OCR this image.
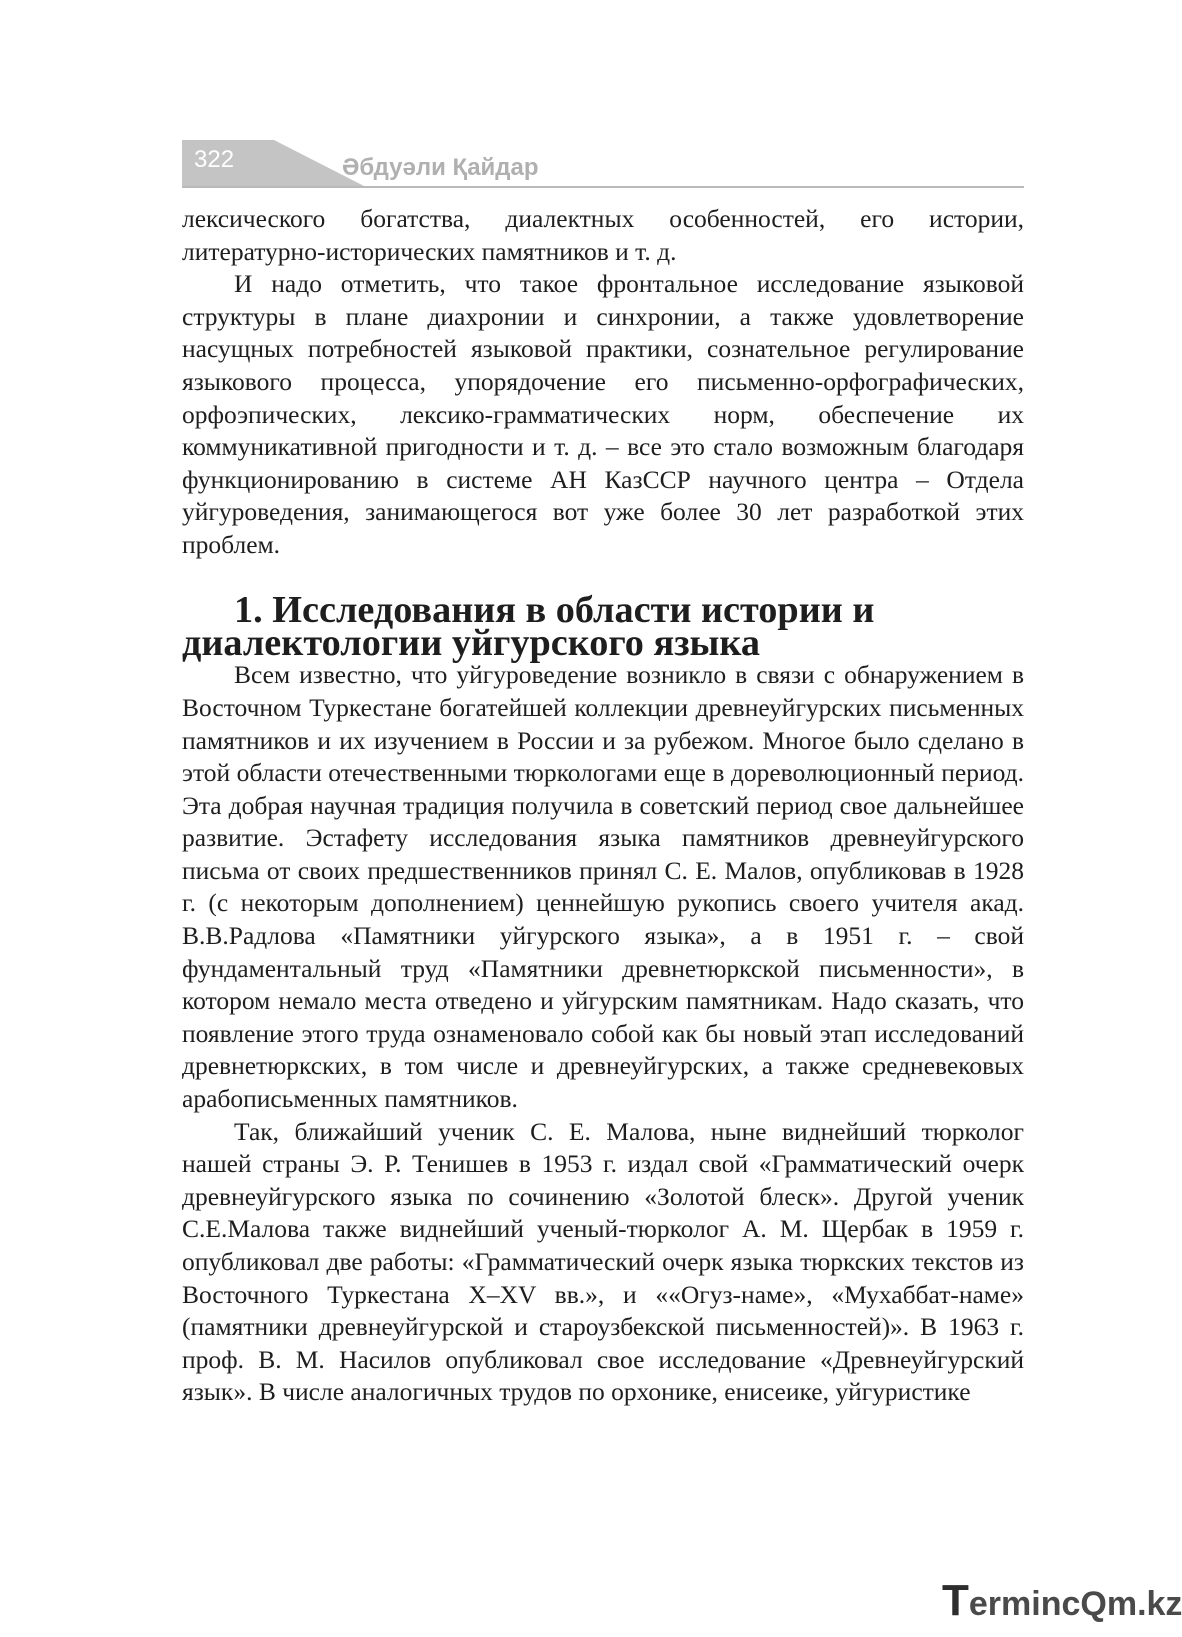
322	Әбдуәли Қайдар

лексического богатства, диалектных особенностей, его истории, литературно-исторических памятников и т. д.

И надо отметить, что такое фронтальное исследование языковой структуры в плане диахронии и синхронии, а также удовлетворение насущных потребностей языковой практики, сознательное регулирование языкового процесса, упорядочение его письменно-орфографических, орфоэпических, лексико-грамматических норм, обеспечение их коммуникативной пригодности и т. д. – все это стало возможным благодаря функционированию в системе АН КазССР научного центра – Отдела уйгуроведения, занимающегося вот уже более 30 лет разработкой этих проблем.

1. Исследования в области истории и диалектологии уйгурского языка

Всем известно, что уйгуроведение возникло в связи с обнаружением в Восточном Туркестане богатейшей коллекции древнеуйгурских письменных памятников и их изучением в России и за рубежом. Многое было сделано в этой области отечественными тюркологами еще в дореволюционный период. Эта добрая научная традиция получила в советский период свое дальнейшее развитие. Эстафету исследования языка памятников древнеуйгурского письма от своих предшественников принял С. Е. Малов, опубликовав в 1928 г. (с некоторым дополнением) ценнейшую рукопись своего учителя акад. В.В.Радлова «Памятники уйгурского языка», а в 1951 г. – свой фундаментальный труд «Памятники древнетюркской письменности», в котором немало места отведено и уйгурским памятникам. Надо сказать, что появление этого труда ознаменовало собой как бы новый этап исследований древнетюркских, в том числе и древнеуйгурских, а также средневековых арабописьменных памятников.

Так, ближайший ученик С. Е. Малова, ныне виднейший тюрколог нашей страны Э. Р. Тенишев в 1953 г. издал свой «Грамматический очерк древнеуйгурского языка по сочинению «Золотой блеск». Другой ученик С.Е.Малова также виднейший ученый-тюрколог А. М. Щербак в 1959 г. опубликовал две работы: «Грамматический очерк языка тюркских текстов из Восточного Туркестана X–XV вв.», и ««Огуз-наме», «Мухаббат-наме» (памятники древнеуйгурской и староузбекской письменностей)». В 1963 г. проф. В. М. Насилов опубликовал свое исследование «Древнеуйгурский язык». В числе аналогичных трудов по орхонике, енисеике, уйгуристике

TermincQm.kz
